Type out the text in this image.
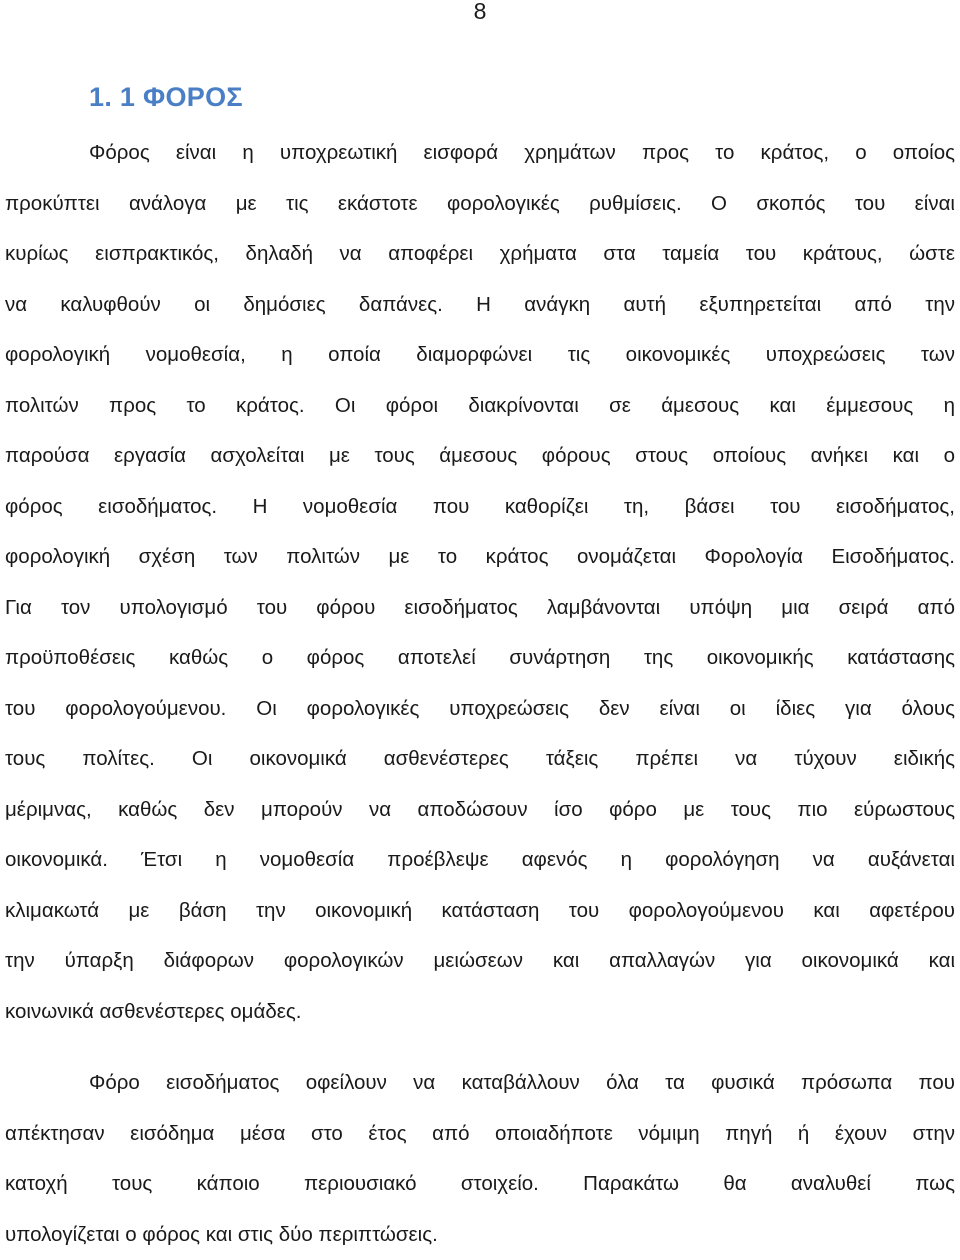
8
1. 1 ΦΟΡΟΣ
Φόρος είναι η υποχρεωτική εισφορά χρημάτων προς το κράτος, ο οποίος
προκύπτει ανάλογα με τις εκάστοτε φορολογικές ρυθμίσεις. Ο σκοπός του είναι
κυρίως εισπρακτικός, δηλαδή να αποφέρει χρήματα στα ταμεία του κράτους, ώστε
να καλυφθούν οι δημόσιες δαπάνες. Η ανάγκη αυτή εξυπηρετείται από την
φορολογική νομοθεσία, η οποία διαμορφώνει τις οικονομικές υποχρεώσεις των
πολιτών προς το κράτος. Οι φόροι διακρίνονται σε άμεσους και έμμεσους η
παρούσα εργασία ασχολείται με τους άμεσους φόρους στους οποίους ανήκει και ο
φόρος εισοδήματος. Η νομοθεσία που καθορίζει τη, βάσει του εισοδήματος,
φορολογική σχέση των πολιτών με το κράτος ονομάζεται Φορολογία Εισοδήματος.
Για τον υπολογισμό του φόρου εισοδήματος λαμβάνονται υπόψη μια σειρά από
προϋποθέσεις καθώς ο φόρος αποτελεί συνάρτηση της οικονομικής κατάστασης
του φορολογούμενου. Οι φορολογικές υποχρεώσεις δεν είναι οι ίδιες για όλους
τους πολίτες. Οι οικονομικά ασθενέστερες τάξεις πρέπει να τύχουν ειδικής
μέριμνας, καθώς δεν μπορούν να αποδώσουν ίσο φόρο με τους πιο εύρωστους
οικονομικά. Έτσι η νομοθεσία προέβλεψε αφενός η φορολόγηση να αυξάνεται
κλιμακωτά με βάση την οικονομική κατάσταση του φορολογούμενου και αφετέρου
την ύπαρξη διάφορων φορολογικών μειώσεων και απαλλαγών για οικονομικά και
κοινωνικά ασθενέστερες ομάδες.
Φόρο εισοδήματος οφείλουν να καταβάλλουν όλα τα φυσικά πρόσωπα που
απέκτησαν εισόδημα μέσα στο έτος από οποιαδήποτε νόμιμη πηγή ή έχουν στην
κατοχή τους κάποιο περιουσιακό στοιχείο. Παρακάτω θα αναλυθεί πως
υπολογίζεται ο φόρος και στις δύο περιπτώσεις.
